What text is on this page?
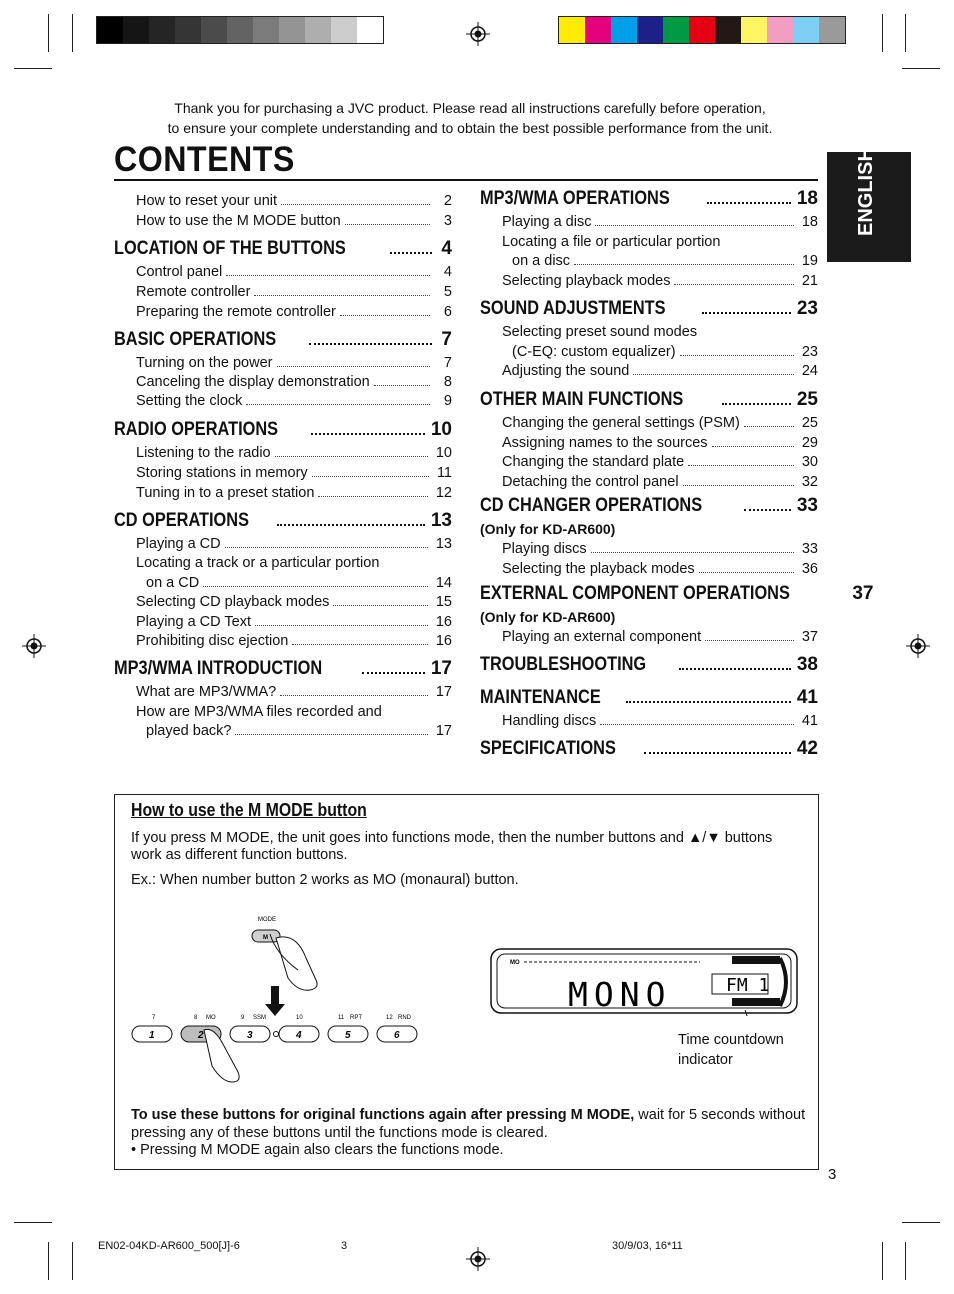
Thank you for purchasing a JVC product. Please read all instructions carefully before operation,
to ensure your complete understanding and to obtain the best possible performance from the unit.
CONTENTS	ENGLISH
How to reset your unit	2
How to use the M MODE button	3
LOCATION OF THE BUTTONS	4
Control panel	4
Remote controller	5
Preparing the remote controller	6
BASIC OPERATIONS	7
Turning on the power	7
Canceling the display demonstration	8
Setting the clock	9
RADIO OPERATIONS	10
Listening to the radio	10
Storing stations in memory	11
Tuning in to a preset station	12
CD OPERATIONS	13
Playing a CD	13
Locating a track or a particular portion
on a CD	14
Selecting CD playback modes	15
Playing a CD Text	16
Prohibiting disc ejection	16
MP3/WMA INTRODUCTION	17
What are MP3/WMA?	17
How are MP3/WMA files recorded and
played back?	17
MP3/WMA OPERATIONS	18
Playing a disc	18
Locating a file or particular portion
on a disc	19
Selecting playback modes	21
SOUND ADJUSTMENTS	23
Selecting preset sound modes
(C-EQ: custom equalizer)	23
Adjusting the sound	24
OTHER MAIN FUNCTIONS	25
Changing the general settings (PSM)	25
Assigning names to the sources	29
Changing the standard plate	30
Detaching the control panel	32
CD CHANGER OPERATIONS	33
(Only for KD-AR600)
Playing discs	33
Selecting the playback modes	36
EXTERNAL COMPONENT OPERATIONS	37
(Only for KD-AR600)
Playing an external component	37
TROUBLESHOOTING	38
MAINTENANCE	41
Handling discs	41
SPECIFICATIONS	42
How to use the M MODE button
If you press M MODE, the unit goes into functions mode, then the number buttons and ▲/▼ buttons work as different function buttons.
Ex.: When number button 2 works as MO (monaural) button.
MODE
M
7	8 MO	9 SSM	10	11 RPT	12 RND
1	2	3	4	5	6
MO
MONO	FM 1
Time countdown indicator
To use these buttons for original functions again after pressing M MODE, wait for 5 seconds without pressing any of these buttons until the functions mode is cleared.
• Pressing M MODE again also clears the functions mode.
3
EN02-04KD-AR600_500[J]-6	3	30/9/03, 16*11
